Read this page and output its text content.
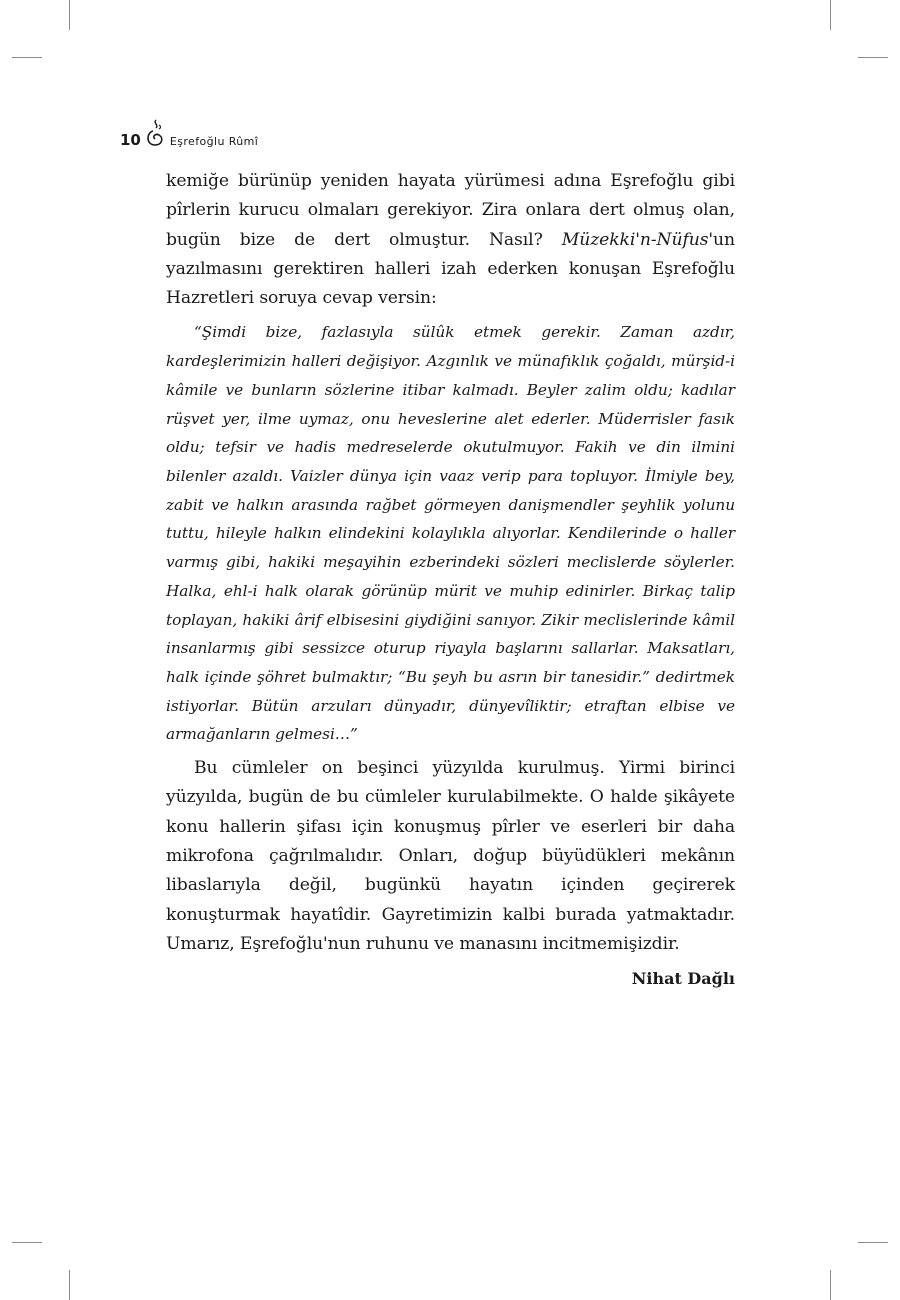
10	Eşrefoğlu Rûmî

kemiğe bürünüp yeniden hayata yürümesi adına Eşrefoğlu gibi pîrlerin kurucu olmaları gerekiyor. Zira onlara dert olmuş olan, bugün bize de dert olmuştur. Nasıl? Müzekki'n-Nüfus'un yazılmasını gerektiren halleri izah ederken konuşan Eşrefoğlu Hazretleri soruya cevap versin:

“Şimdi bize, fazlasıyla sülûk etmek gerekir. Zaman azdır, kardeşlerimizin halleri değişiyor. Azgınlık ve münafıklık çoğaldı, mürşid-i kâmile ve bunların sözlerine itibar kalmadı. Beyler zalim oldu; kadılar rüşvet yer, ilme uymaz, onu heveslerine alet ederler. Müderrisler fasık oldu; tefsir ve hadis medreselerde okutulmuyor. Fakih ve din ilmini bilenler azaldı. Vaizler dünya için vaaz verip para topluyor. İlmiyle bey, zabit ve halkın arasında rağbet görmeyen danişmendler şeyhlik yolunu tuttu, hileyle halkın elindekini kolaylıkla alıyorlar. Kendilerinde o haller varmış gibi, hakiki meşayihin ezberindeki sözleri meclislerde söylerler. Halka, ehl-i halk olarak görünüp mürit ve muhip edinirler. Birkaç talip toplayan, hakiki ârif elbisesini giydiğini sanıyor. Zikir meclislerinde kâmil insanlarmış gibi sessizce oturup riyayla başlarını sallarlar. Maksatları, halk içinde şöhret bulmaktır; “Bu şeyh bu asrın bir tanesidir.” dedirtmek istiyorlar. Bütün arzuları dünyadır, dünyevîliktir; etraftan elbise ve armağanların gelmesi…”

Bu cümleler on beşinci yüzyılda kurulmuş. Yirmi birinci yüzyılda, bugün de bu cümleler kurulabilmekte. O halde şikâyete konu hallerin şifası için konuşmuş pîrler ve eserleri bir daha mikrofona çağrılmalıdır. Onları, doğup büyüdükleri mekânın libaslarıyla değil, bugünkü hayatın içinden geçirerek konuşturmak hayatîdir. Gayretimizin kalbi burada yatmaktadır. Umarız, Eşrefoğlu'nun ruhunu ve manasını incitmemişizdir.

Nihat Dağlı
